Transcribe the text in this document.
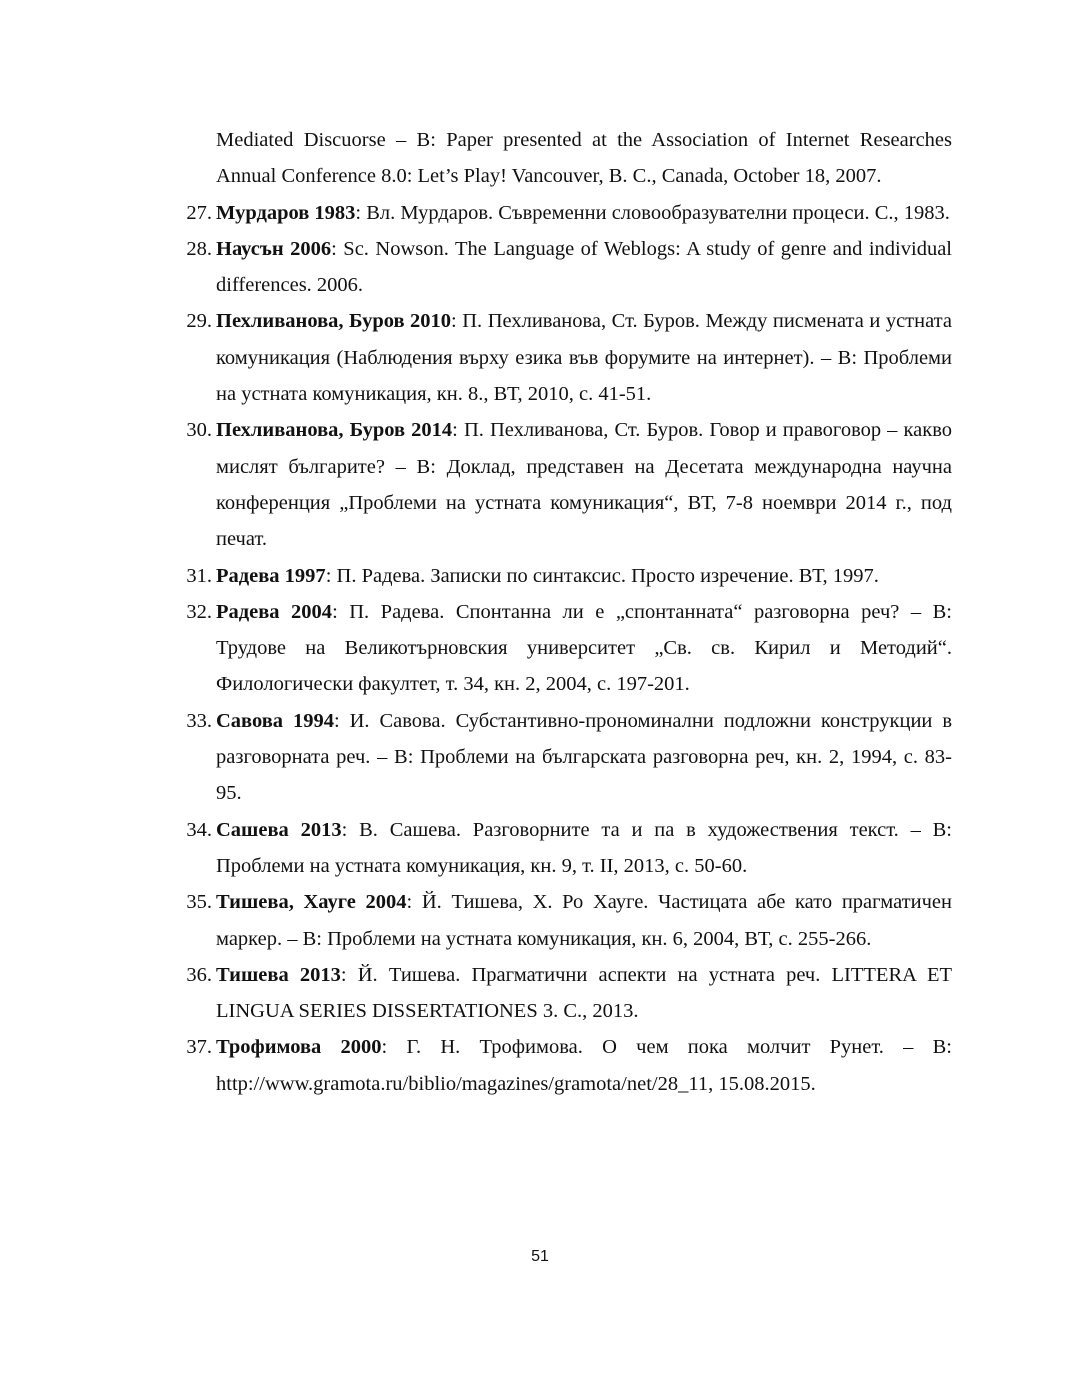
Mediated Discuorse – В: Paper presented at the Association of Internet Researches Annual Conference 8.0: Let’s Play! Vancouver, B. C., Canada, October 18, 2007.

27. Мурдаров 1983: Вл. Мурдаров. Съвременни словообразувателни процеси. С., 1983.
28. Наусън 2006: Sc. Nowson. The Language of Weblogs: A study of genre and individual differences. 2006.
29. Пехливанова, Буров 2010: П. Пехливанова, Ст. Буров. Между писмената и устната комуникация (Наблюдения върху езика във форумите на интернет). – В: Проблеми на устната комуникация, кн. 8., ВТ, 2010, с. 41-51.
30. Пехливанова, Буров 2014: П. Пехливанова, Ст. Буров. Говор и правоговор – какво мислят българите? – В: Доклад, представен на Десетата международна научна конференция „Проблеми на устната комуникация“, ВТ, 7-8 ноември 2014 г., под печат.
31. Радева 1997: П. Радева. Записки по синтаксис. Просто изречение. ВТ, 1997.
32. Радева 2004: П. Радева. Спонтанна ли е „спонтанната“ разговорна реч? – В: Трудове на Великотърновския университет „Св. св. Кирил и Методий“. Филологически факултет, т. 34, кн. 2, 2004, с. 197-201.
33. Савова 1994: И. Савова. Субстантивно-прономинални подложни конструкции в разговорната реч. – В: Проблеми на българската разговорна реч, кн. 2, 1994, с. 83-95.
34. Сашева 2013: В. Сашева. Разговорните та и па в художествения текст. – В: Проблеми на устната комуникация, кн. 9, т. II, 2013, с. 50-60.
35. Тишева, Хауге 2004: Й. Тишева, Х. Ро Хауге. Частицата абе като прагматичен маркер. – В: Проблеми на устната комуникация, кн. 6, 2004, ВТ, с. 255-266.
36. Тишева 2013: Й. Тишева. Прагматични аспекти на устната реч. LITTERA ET LINGUA SERIES DISSERTATIONES 3. С., 2013.
37. Трофимова 2000: Г. Н. Трофимова. О чем пока молчит Рунет. – В: http://www.gramota.ru/biblio/magazines/gramota/net/28_11, 15.08.2015.
51
